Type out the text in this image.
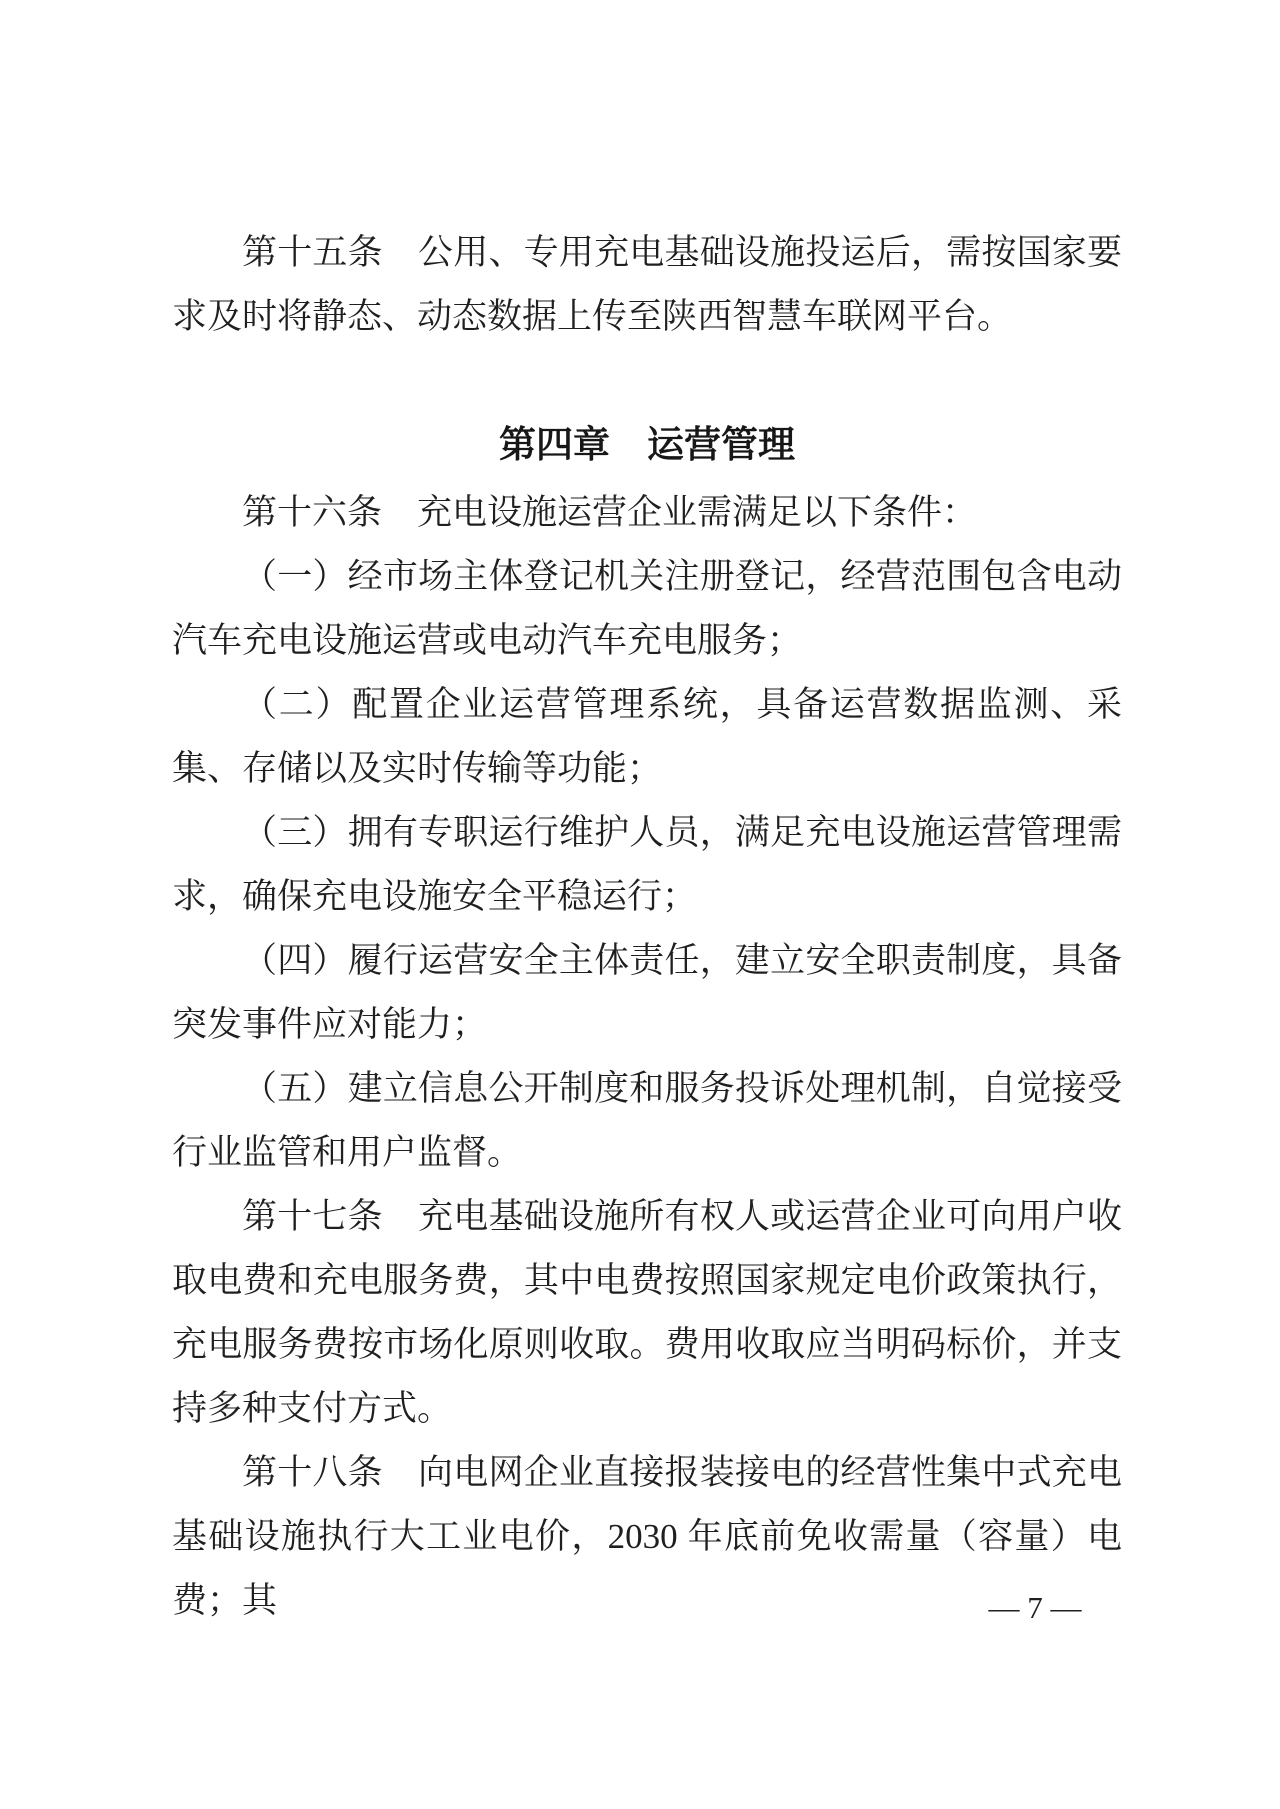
第十五条　公用、专用充电基础设施投运后，需按国家要求及时将静态、动态数据上传至陕西智慧车联网平台。

第四章　运营管理

第十六条　充电设施运营企业需满足以下条件：

（一）经市场主体登记机关注册登记，经营范围包含电动汽车充电设施运营或电动汽车充电服务；

（二）配置企业运营管理系统，具备运营数据监测、采集、存储以及实时传输等功能；

（三）拥有专职运行维护人员，满足充电设施运营管理需求，确保充电设施安全平稳运行；

（四）履行运营安全主体责任，建立安全职责制度，具备突发事件应对能力；

（五）建立信息公开制度和服务投诉处理机制，自觉接受行业监管和用户监督。

第十七条　充电基础设施所有权人或运营企业可向用户收取电费和充电服务费，其中电费按照国家规定电价政策执行，充电服务费按市场化原则收取。费用收取应当明码标价，并支持多种支付方式。

第十八条　向电网企业直接报装接电的经营性集中式充电基础设施执行大工业电价，2030 年底前免收需量（容量）电费；其	— 7 —
